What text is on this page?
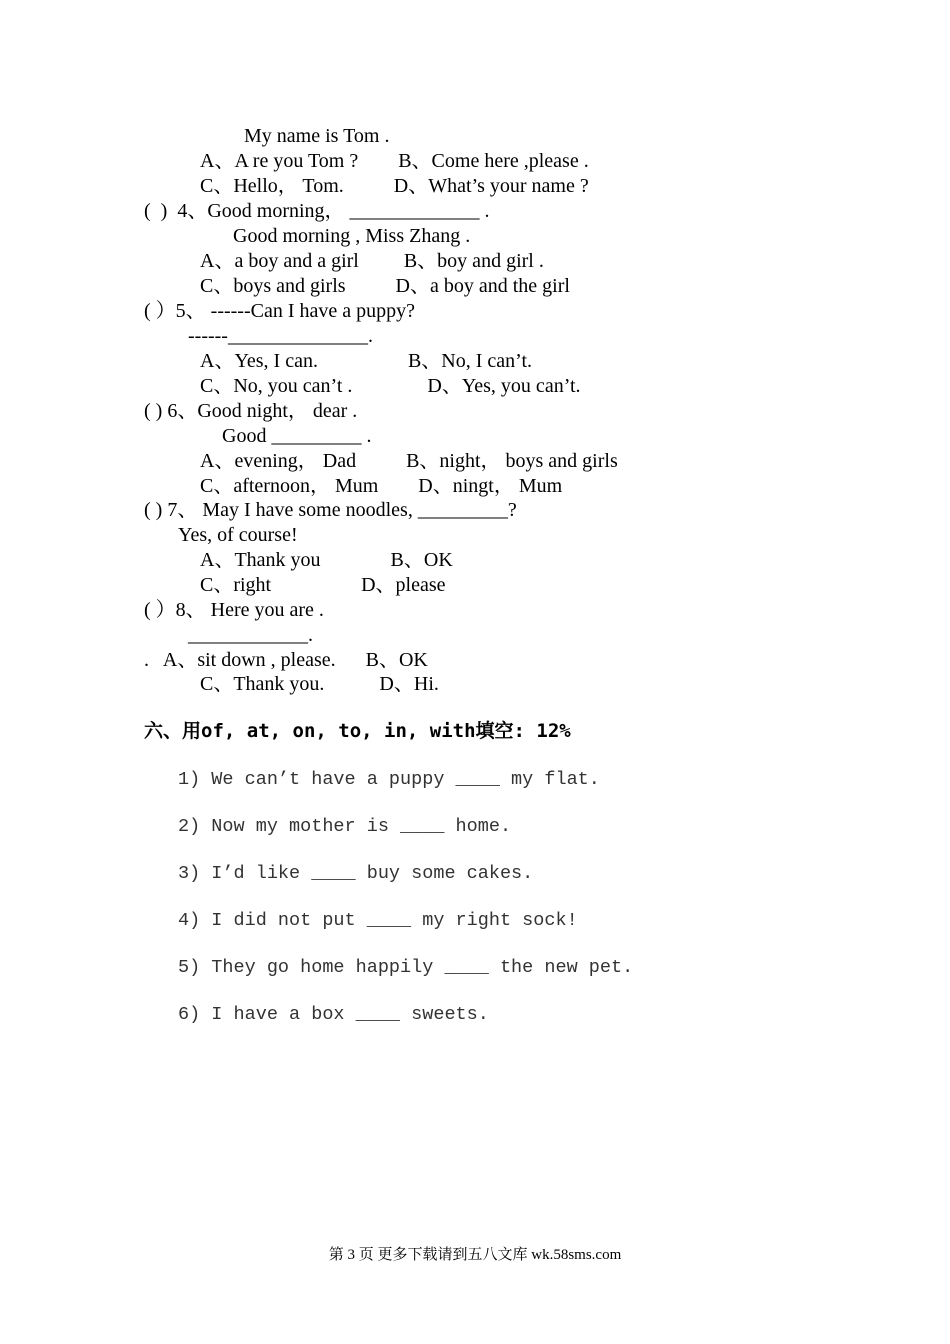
My name is Tom .
A、A re you Tom ?        B、Come here ,please .
C、Hello， Tom.          D、What’s your name ?
(  )  4、Good morning， _____________ .
Good morning , Miss Zhang .
A、a boy and a girl         B、boy and girl .
C、boys and girls          D、a boy and the girl
( ）5、 ------Can I have a puppy?
------______________.
A、Yes, I can.                  B、No, I can’t.
C、No, you can’t .               D、Yes, you can’t.
( ) 6、Good night， dear .
Good _________ .
A、evening， Dad          B、night， boys and girls
C、afternoon， Mum        D、ningt， Mum
( ) 7、 May I have some noodles, _________?
Yes, of course!
A、Thank you              B、OK
C、right                  D、please
( ）8、 Here you are .
____________.
.   A、sit down , please.      B、OK
C、Thank you.           D、Hi.
六、用of, at, on, to, in, with填空: 12%
1) We can’t have a puppy ____ my flat.
2) Now my mother is ____ home.
3) I’d like ____ buy some cakes.
4) I did not put ____ my right sock!
5) They go home happily ____ the new pet.
6) I have a box ____ sweets.
第 3 页 更多下载请到五八文库 wk.58sms.com
